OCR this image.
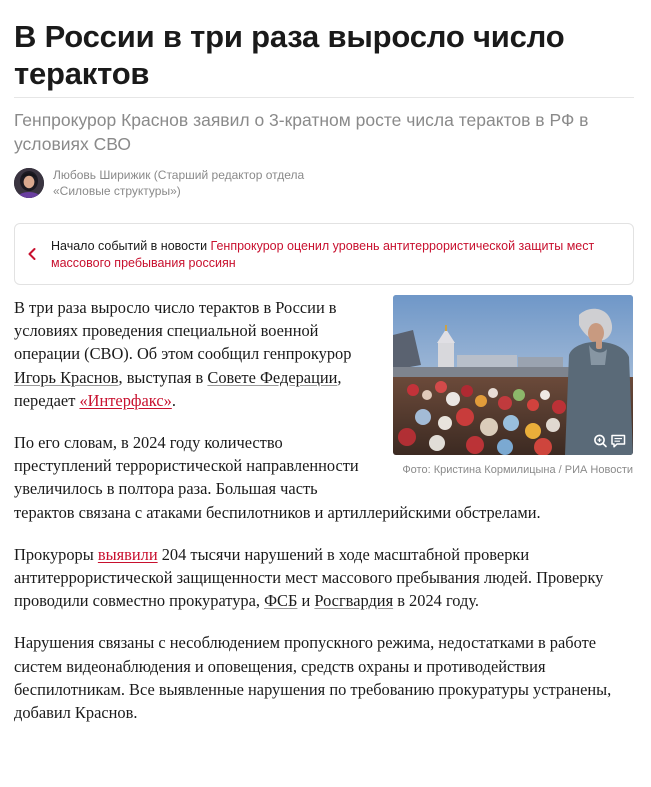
В России в три раза выросло число терактов

Генпрокурор Краснов заявил о 3-кратном росте числа терактов в РФ в условиях СВО

Любовь Ширижик (Старший редактор отдела
«Силовые структуры»)
Начало событий в новости Генпрокурор оценил уровень антитеррористической защиты мест массового пребывания россиян
Фото: Кристина Кормилицына / РИА Новости

В три раза выросло число терактов в России в условиях проведения специальной военной операции (СВО). Об этом сообщил генпрокурор Игорь Краснов, выступая в Совете Федерации, передает «Интерфакс».

По его словам, в 2024 году количество
преступлений террористической направленности
увеличилось в полтора раза. Большая часть
терактов связана с атаками беспилотников и артиллерийскими обстрелами.

Прокуроры выявили 204 тысячи нарушений в ходе масштабной проверки антитеррористической защищенности мест массового пребывания людей. Проверку проводили совместно прокуратура, ФСБ и Росгвардия в 2024 году.

Нарушения связаны с несоблюдением пропускного режима, недостатками в работе систем видеонаблюдения и оповещения, средств охраны и противодействия беспилотникам. Все выявленные нарушения по требованию прокуратуры устранены, добавил Краснов.
